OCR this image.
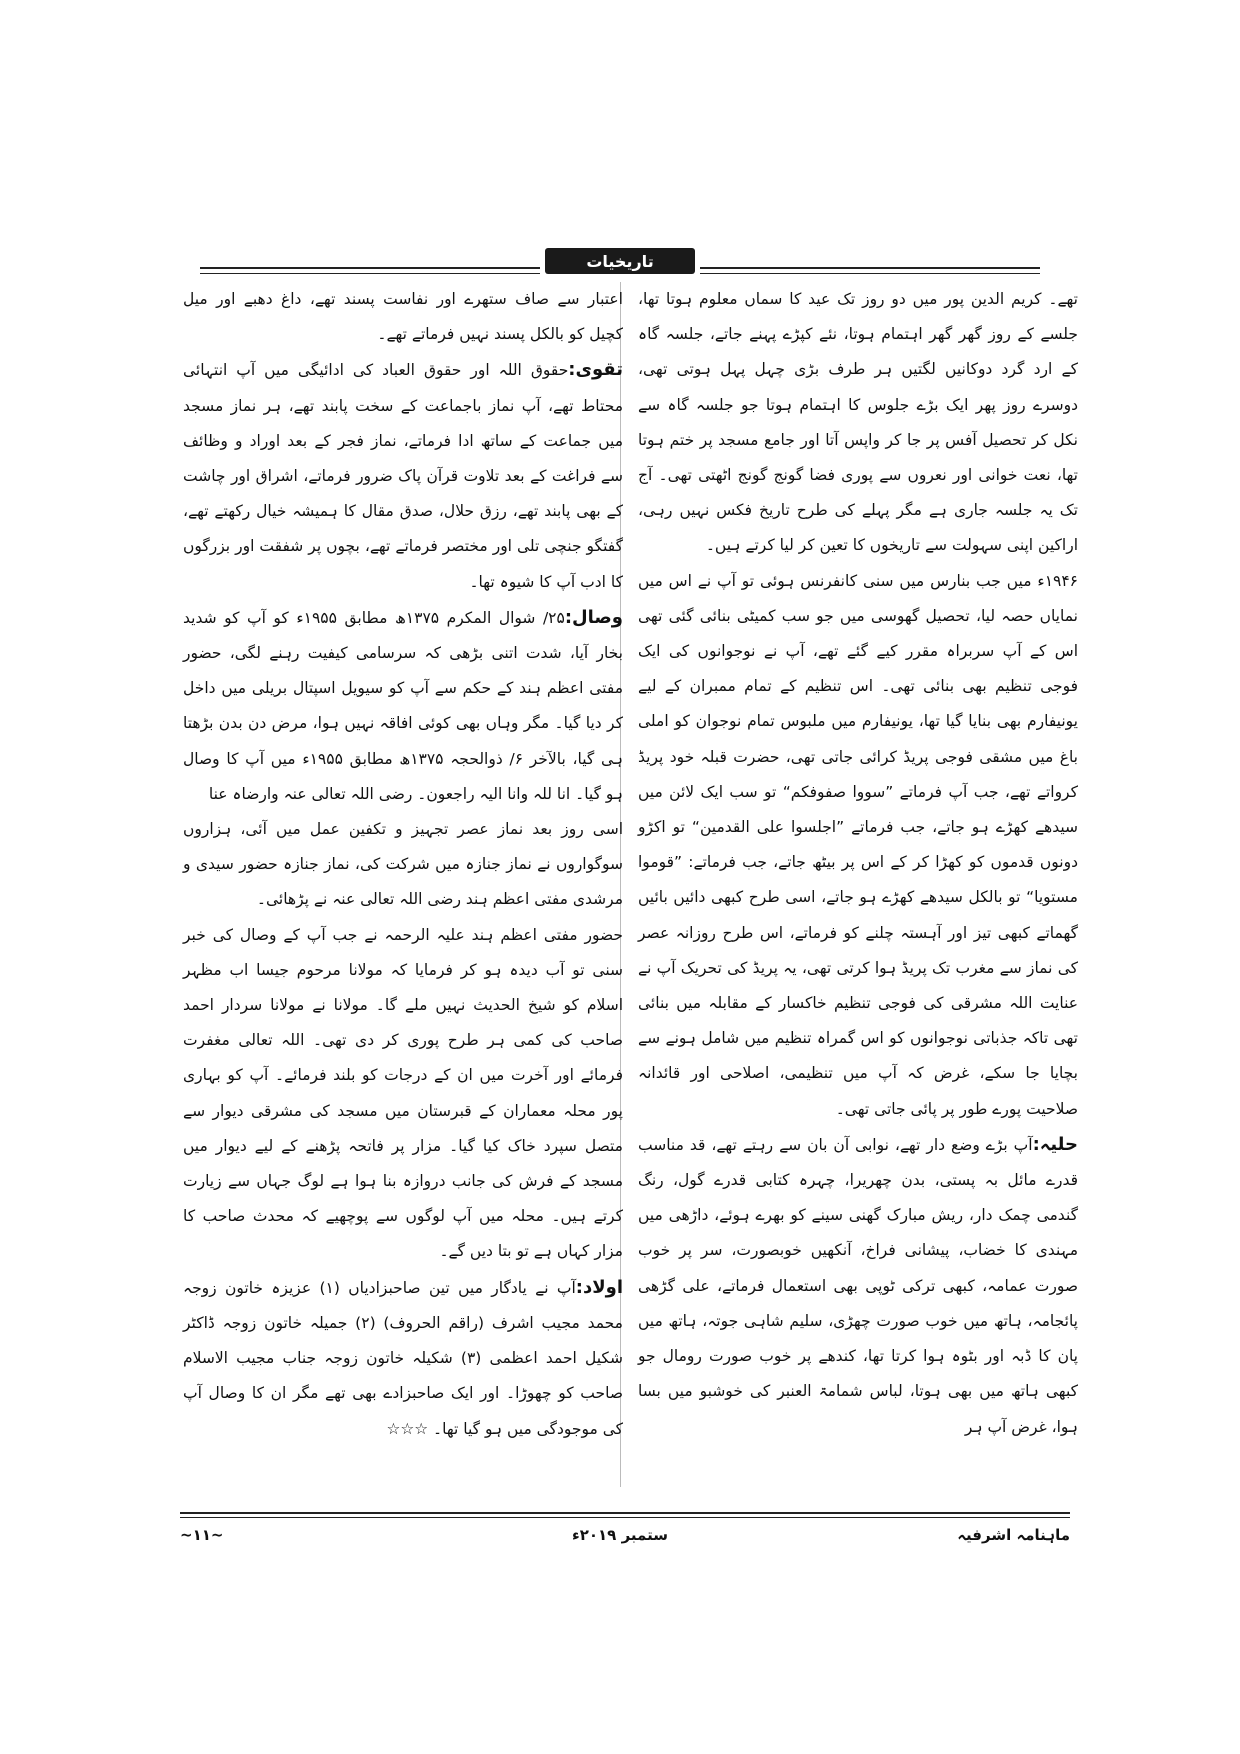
تاریخیات

تھے۔ کریم الدین پور میں دو روز تک عید کا سماں معلوم ہوتا تھا، جلسے کے روز گھر گھر اہتمام ہوتا، نئے کپڑے پہنے جاتے، جلسہ گاہ کے ارد گرد دوکانیں لگتیں ہر طرف بڑی چہل پہل ہوتی تھی، دوسرے روز پھر ایک بڑے جلوس کا اہتمام ہوتا جو جلسہ گاہ سے نکل کر تحصیل آفس پر جا کر واپس آتا اور جامع مسجد پر ختم ہوتا تھا، نعت خوانی اور نعروں سے پوری فضا گونج گونج اٹھتی تھی۔ آج تک یہ جلسہ جاری ہے مگر پہلے کی طرح تاریخ فکس نہیں رہی، اراکین اپنی سہولت سے تاریخوں کا تعین کر لیا کرتے ہیں۔

۱۹۴۶ء میں جب بنارس میں سنی کانفرنس ہوئی تو آپ نے اس میں نمایاں حصہ لیا، تحصیل گھوسی میں جو سب کمیٹی بنائی گئی تھی اس کے آپ سربراہ مقرر کیے گئے تھے، آپ نے نوجوانوں کی ایک فوجی تنظیم بھی بنائی تھی۔ اس تنظیم کے تمام ممبران کے لیے یونیفارم بھی بنایا گیا تھا، یونیفارم میں ملبوس تمام نوجوان کو املی باغ میں مشقی فوجی پریڈ کرائی جاتی تھی، حضرت قبلہ خود پریڈ کرواتے تھے، جب آپ فرماتے ”سووا صفوفکم“ تو سب ایک لائن میں سیدھے کھڑے ہو جاتے، جب فرماتے ”اجلسوا علی القدمین“ تو اکڑو دونوں قدموں کو کھڑا کر کے اس پر بیٹھ جاتے، جب فرماتے: ”قوموا مستویا“ تو بالکل سیدھے کھڑے ہو جاتے، اسی طرح کبھی دائیں بائیں گھماتے کبھی تیز اور آہستہ چلنے کو فرماتے، اس طرح روزانہ عصر کی نماز سے مغرب تک پریڈ ہوا کرتی تھی، یہ پریڈ کی تحریک آپ نے عنایت اللہ مشرقی کی فوجی تنظیم خاکسار کے مقابلہ میں بنائی تھی تاکہ جذباتی نوجوانوں کو اس گمراہ تنظیم میں شامل ہونے سے بچایا جا سکے، غرض کہ آپ میں تنظیمی، اصلاحی اور قائدانہ صلاحیت پورے طور پر پائی جاتی تھی۔

حلیہ:آپ بڑے وضع دار تھے، نوابی آن بان سے رہتے تھے، قد مناسب قدرے مائل بہ پستی، بدن چھریرا، چہرہ کتابی قدرے گول، رنگ گندمی چمک دار، ریش مبارک گھنی سینے کو بھرے ہوئے، داڑھی میں مہندی کا خضاب، پیشانی فراخ، آنکھیں خوبصورت، سر پر خوب صورت عمامہ، کبھی ترکی ٹوپی بھی استعمال فرماتے، علی گڑھی پائجامہ، ہاتھ میں خوب صورت چھڑی، سلیم شاہی جوتہ، ہاتھ میں پان کا ڈبہ اور بٹوہ ہوا کرتا تھا، کندھے پر خوب صورت رومال جو کبھی ہاتھ میں بھی ہوتا، لباس شمامۃ العنبر کی خوشبو میں بسا ہوا، غرض آپ ہر

اعتبار سے صاف ستھرے اور نفاست پسند تھے، داغ دھبے اور میل کچیل کو بالکل پسند نہیں فرماتے تھے۔

تقوی:حقوق اللہ اور حقوق العباد کی ادائیگی میں آپ انتہائی محتاط تھے، آپ نماز باجماعت کے سخت پابند تھے، ہر نماز مسجد میں جماعت کے ساتھ ادا فرماتے، نماز فجر کے بعد اوراد و وظائف سے فراغت کے بعد تلاوت قرآن پاک ضرور فرماتے، اشراق اور چاشت کے بھی پابند تھے، رزق حلال، صدق مقال کا ہمیشہ خیال رکھتے تھے، گفتگو جنچی تلی اور مختصر فرماتے تھے، بچوں پر شفقت اور بزرگوں کا ادب آپ کا شیوہ تھا۔

وصال:۲۵/ شوال المکرم ۱۳۷۵ھ مطابق ۱۹۵۵ء کو آپ کو شدید بخار آیا، شدت اتنی بڑھی کہ سرسامی کیفیت رہنے لگی، حضور مفتی اعظم ہند کے حکم سے آپ کو سیویل اسپتال بریلی میں داخل کر دیا گیا۔ مگر وہاں بھی کوئی افاقہ نہیں ہوا، مرض دن بدن بڑھتا ہی گیا، بالآخر ۶/ ذوالحجہ ۱۳۷۵ھ مطابق ۱۹۵۵ء میں آپ کا وصال ہو گیا۔ انا للہ وانا الیہ راجعون۔ رضی اللہ تعالی عنہ وارضاہ عنا

اسی روز بعد نماز عصر تجہیز و تکفین عمل میں آئی، ہزاروں سوگواروں نے نماز جنازہ میں شرکت کی، نماز جنازہ حضور سیدی و مرشدی مفتی اعظم ہند رضی اللہ تعالی عنہ نے پڑھائی۔

حضور مفتی اعظم ہند علیہ الرحمہ نے جب آپ کے وصال کی خبر سنی تو آب دیدہ ہو کر فرمایا کہ مولانا مرحوم جیسا اب مظہر اسلام کو شیخ الحدیث نہیں ملے گا۔ مولانا نے مولانا سردار احمد صاحب کی کمی ہر طرح پوری کر دی تھی۔ اللہ تعالی مغفرت فرمائے اور آخرت میں ان کے درجات کو بلند فرمائے۔ آپ کو بہاری پور محلہ معماران کے قبرستان میں مسجد کی مشرقی دیوار سے متصل سپرد خاک کیا گیا۔ مزار پر فاتحہ پڑھنے کے لیے دیوار میں مسجد کے فرش کی جانب دروازہ بنا ہوا ہے لوگ جہاں سے زیارت کرتے ہیں۔ محلہ میں آپ لوگوں سے پوچھیے کہ محدث صاحب کا مزار کہاں ہے تو بتا دیں گے۔

اولاد:آپ نے یادگار میں تین صاحبزادیاں (۱) عزیزہ خاتون زوجہ محمد مجیب اشرف (راقم الحروف) (۲) جمیلہ خاتون زوجہ ڈاکٹر شکیل احمد اعظمی (۳) شکیلہ خاتون زوجہ جناب مجیب الاسلام صاحب کو چھوڑا۔ اور ایک صاحبزادے بھی تھے مگر ان کا وصال آپ کی موجودگی میں ہو گیا تھا۔ ☆☆☆

ماہنامہ اشرفیہ
ستمبر ۲۰۱۹ء
~۱۱~
